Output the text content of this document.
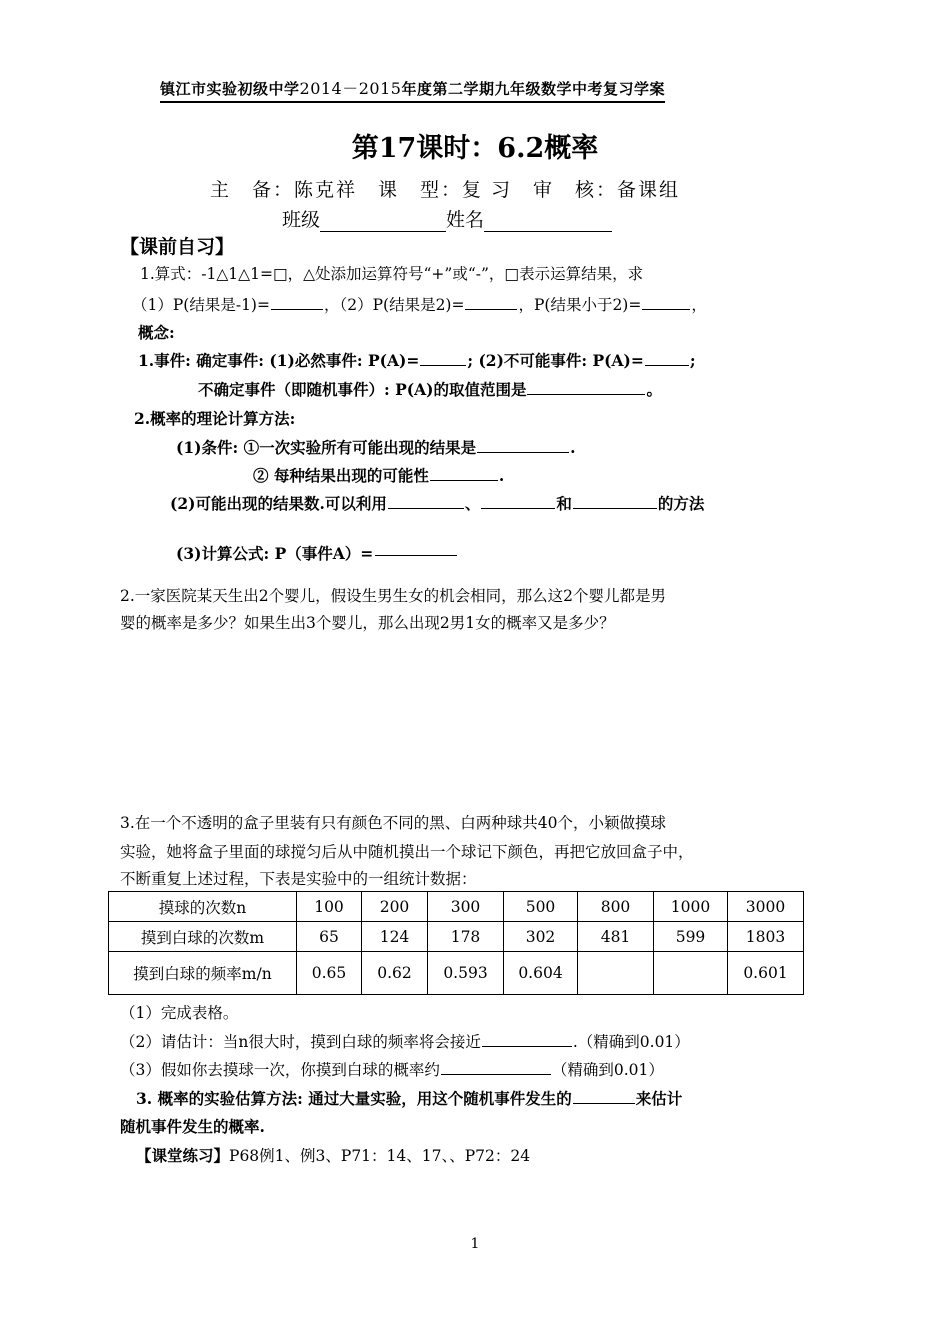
镇江市实验初级中学2014－2015年度第二学期九年级数学中考复习学案
第17课时：6.2概率
主　备：陈克祥　课　型：复 习　审　核：备课组
班级	姓名
【课前自习】
1.算式：-1△1△1=□，△处添加运算符号“+”或“-”，□表示运算结果，求
（1）P(结果是-1)=	，（2）P(结果是2)=	，P(结果小于2)=	，
概念:
1.事件: 确定事件: (1)必然事件: P(A)=	; (2)不可能事件: P(A)=	;
不确定事件（即随机事件）: P(A)的取值范围是	。
2.概率的理论计算方法:
(1)条件: ①一次实验所有可能出现的结果是	.
② 每种结果出现的可能性	.
(2)可能出现的结果数.可以利用	、	和	的方法
(3)计算公式: P（事件A）=
2.一家医院某天生出2个婴儿，假设生男生女的机会相同，那么这2个婴儿都是男
婴的概率是多少？如果生出3个婴儿，那么出现2男1女的概率又是多少？
3.在一个不透明的盒子里装有只有颜色不同的黑、白两种球共40个，小颖做摸球
实验，她将盒子里面的球搅匀后从中随机摸出一个球记下颜色，再把它放回盒子中，
不断重复上述过程，下表是实验中的一组统计数据：
摸球的次数n	100	200	300	500	800	1000	3000
摸到白球的次数m	65	124	178	302	481	599	1803
摸到白球的频率m/n	0.65	0.62	0.593	0.604			0.601
（1）完成表格。
（2）请估计：当n很大时，摸到白球的频率将会接近	.（精确到0.01）
（3）假如你去摸球一次，你摸到白球的概率约	（精确到0.01）
3. 概率的实验估算方法: 通过大量实验，用这个随机事件发生的	来估计
随机事件发生的概率.
【课堂练习】P68例1、例3、P71：14、17、、P72：24
1
